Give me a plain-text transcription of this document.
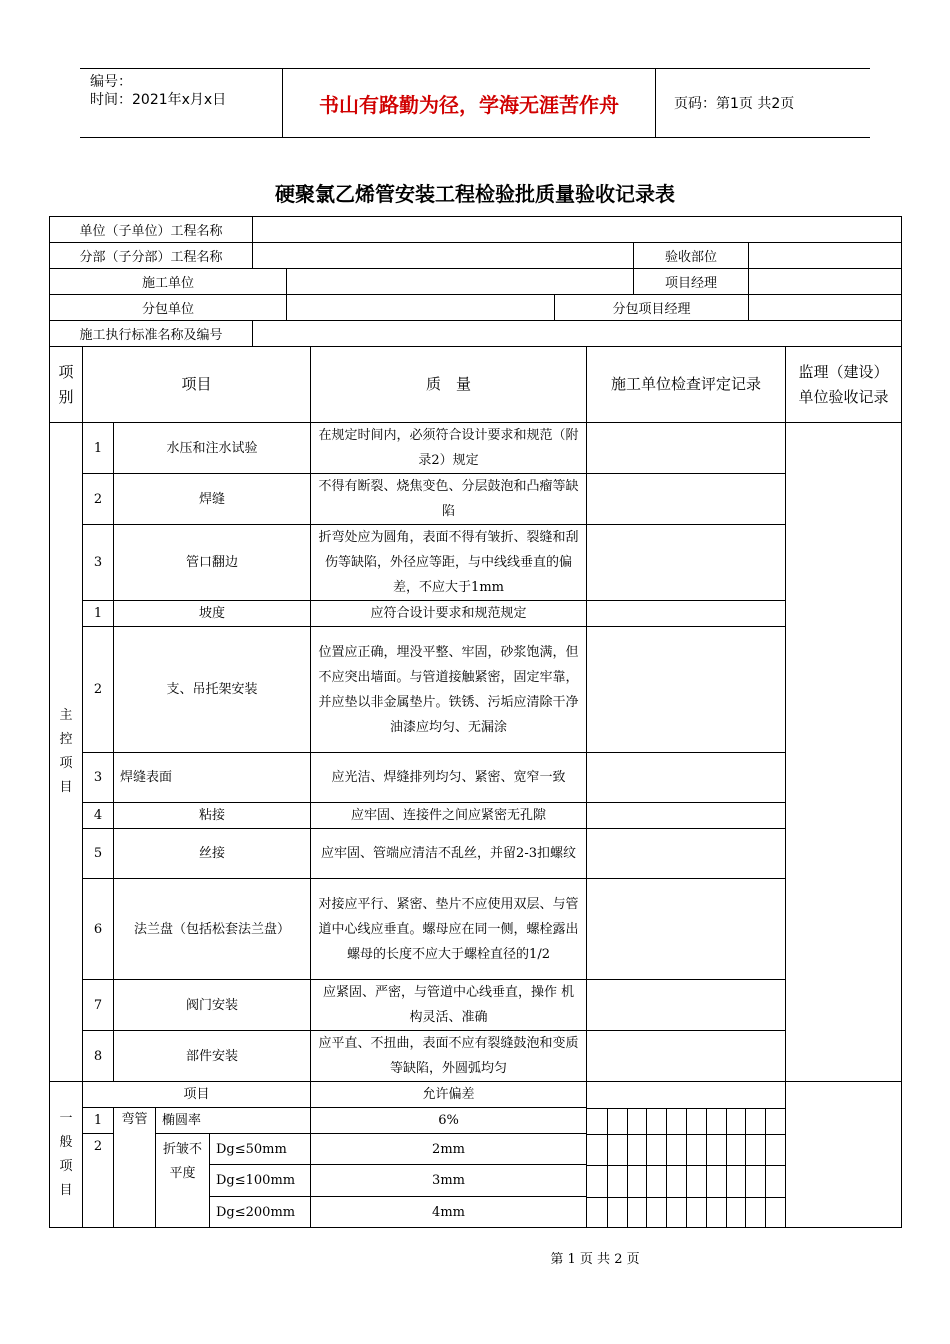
编号：
时间：2021年x月x日	书山有路勤为径，学海无涯苦作舟	页码：第1页 共2页
硬聚氯乙烯管安装工程检验批质量验收记录表
单位（子单位）工程名称					
分部（子分部）工程名称				验收部位	
施工单位				项目经理	
分包单位			分包项目经理		
施工执行标准名称及编号					
项别	项目				质　量	施工单位检查评定记录	监理（建设）单位验收记录
主控项目	1	水压和注水试验			在规定时间内，必须符合设计要求和规范（附录2）规定		
	2	焊缝			不得有断裂、烧焦变色、分层鼓泡和凸瘤等缺陷		
	3	管口翻边			折弯处应为圆角，表面不得有皱折、裂缝和刮伤等缺陷，外径应等距，与中线线垂直的偏差，不应大于1mm		
	1	坡度			应符合设计要求和规范规定		
	2	支、吊托架安装			位置应正确，埋没平整、牢固，砂浆饱满，但不应突出墙面。与管道接触紧密，固定牢靠，并应垫以非金属垫片。铁锈、污垢应清除干净油漆应均匀、无漏涂		
	3	焊缝表面			应光洁、焊缝排列均匀、紧密、宽窄一致		
	4	粘接			应牢固、连接件之间应紧密无孔隙		
	5	丝接			应牢固、管端应清洁不乱丝，并留2-3扣螺纹		
	6	法兰盘（包括松套法兰盘）			对接应平行、紧密、垫片不应使用双层、与管道中心线应垂直。螺母应在同一侧，螺栓露出螺母的长度不应大于螺栓直径的1/2		
	7	阀门安装			应紧固、严密，与管道中心线垂直，操作 机构灵活、准确		
	8	部件安装			应平直、不扭曲，表面不应有裂缝鼓泡和变质等缺陷，外圆弧均匀		
一般项目	项目				允许偏差	

	1	弯管	椭圆率		6%		
	2		折皱不平度	Dg≤50mm	2mm		
				Dg≤100mm	3mm		
				Dg≤200mm	4mm		
第 1 页 共 2 页
